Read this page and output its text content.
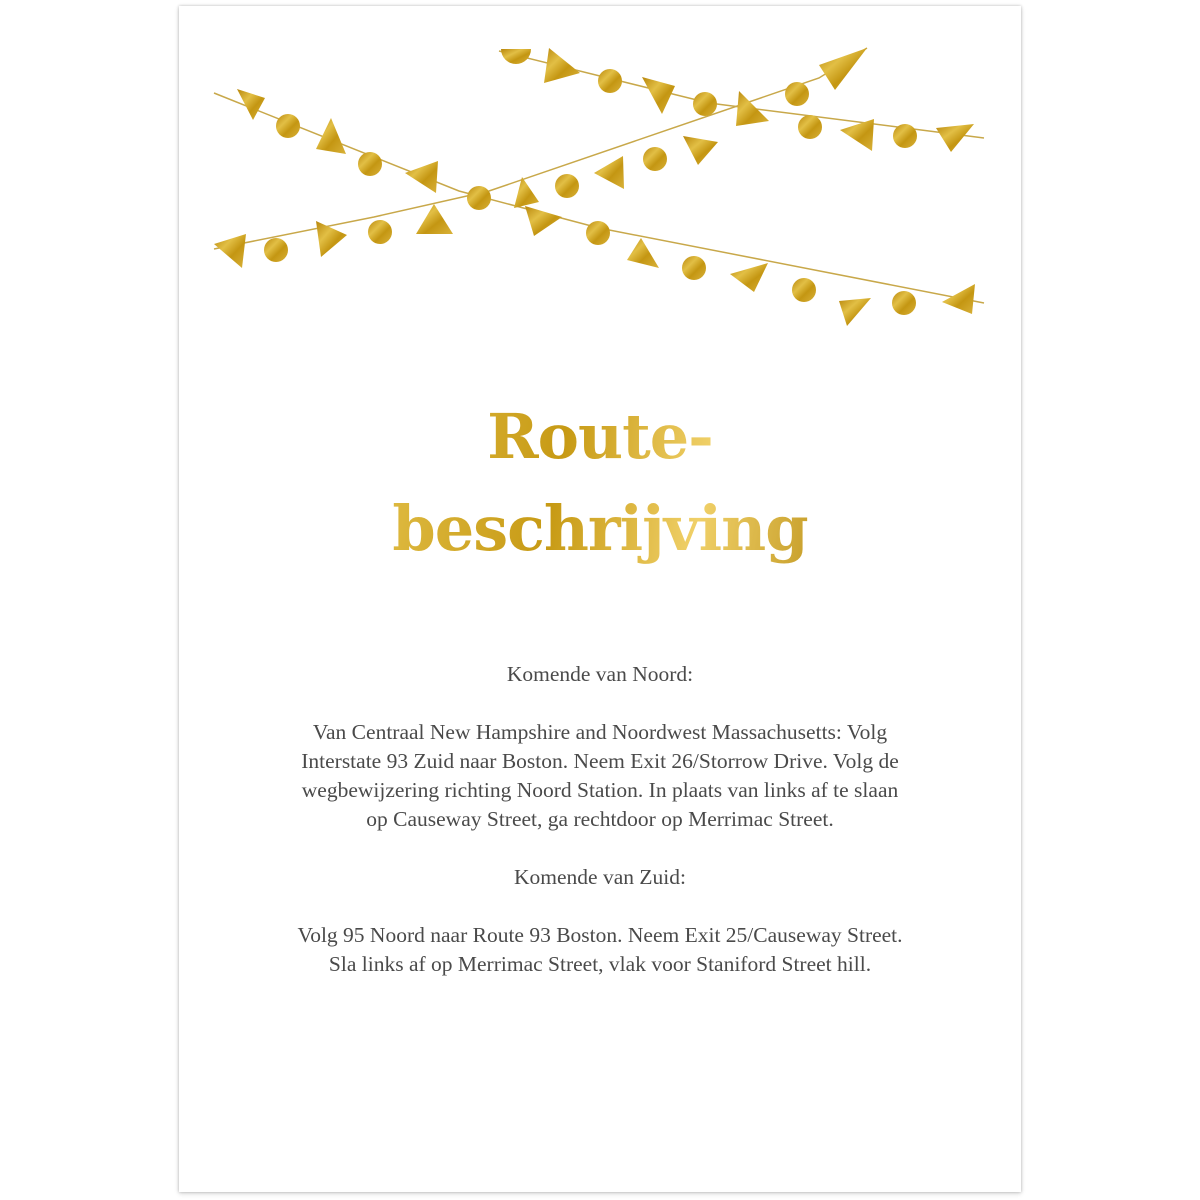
Route-
beschrijving

Komende van Noord:

Van Centraal New Hampshire and Noordwest Massachusetts: Volg Interstate 93 Zuid naar Boston. Neem Exit 26/Storrow Drive. Volg de wegbewijzering richting Noord Station. In plaats van links af te slaan op Causeway Street, ga rechtdoor op Merrimac Street.

Komende van Zuid:

Volg 95 Noord naar Route 93 Boston. Neem Exit 25/Causeway Street. Sla links af op Merrimac Street, vlak voor Staniford Street hill.
